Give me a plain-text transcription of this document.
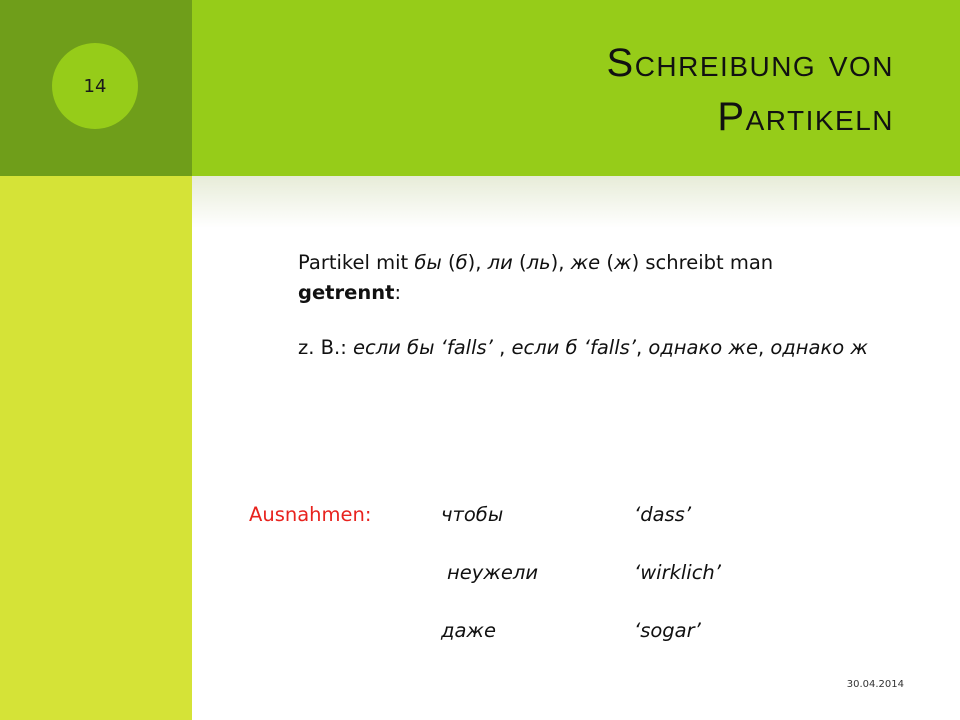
14
Schreibung von
Partikeln
Partikel mit бы (б), ли (ль), же (ж) schreibt man getrennt:
z. B.: если бы ‘falls’ , если б ‘falls’, однако же, однако ж
Ausnahmen:	чтобы	‘dass’
неужели	‘wirklich’
даже	‘sogar’
30.04.2014
